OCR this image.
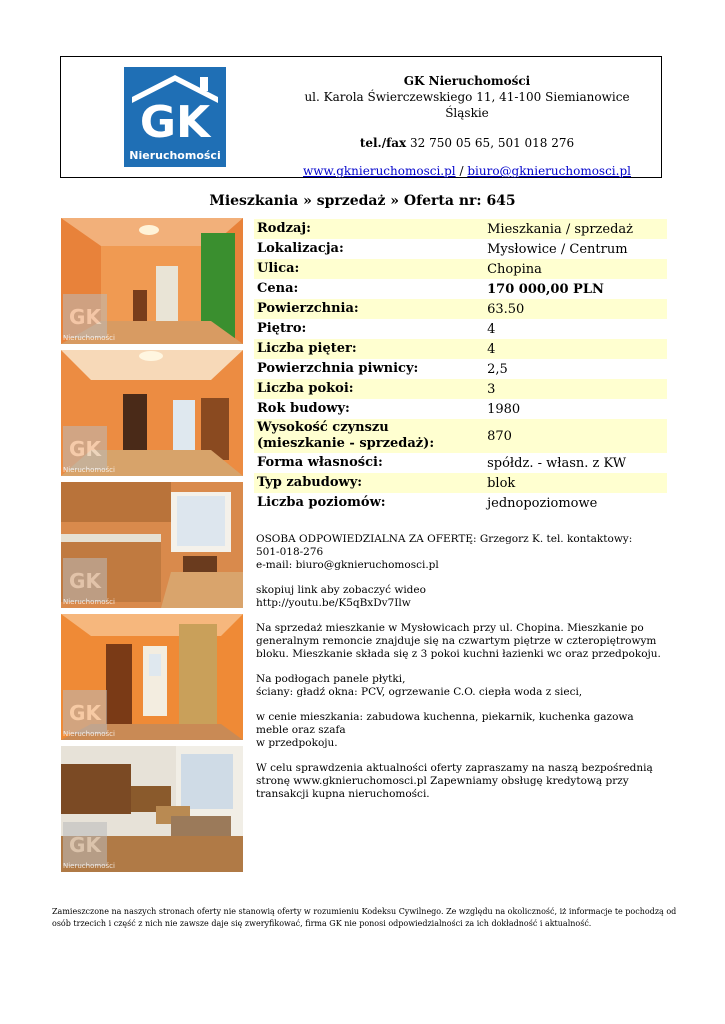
GK
Nieruchomości
GK Nieruchomości
ul. Karola Świerczewskiego 11, 41-100 Siemianowice Śląskie
tel./fax 32 750 05 65, 501 018 276
www.gknieruchomosci.pl / biuro@gknieruchomosci.pl
Mieszkania » sprzedaż » Oferta nr: 645
GK
Nieruchomości
GK
Nieruchomości
GK
Nieruchomości
GK
Nieruchomości
GK
Nieruchomości
Rodzaj:	Mieszkania / sprzedaż
Lokalizacja:	Mysłowice / Centrum
Ulica:	Chopina
Cena:	170 000,00 PLN
Powierzchnia:	63.50
Piętro:	4
Liczba pięter:	4
Powierzchnia piwnicy:	2,5
Liczba pokoi:	3
Rok budowy:	1980
Wysokość czynszu (mieszkanie - sprzedaż):	870
Forma własności:	spółdz. - własn. z KW
Typ zabudowy:	blok
Liczba poziomów:	jednopoziomowe

OSOBA ODPOWIEDZIALNA ZA OFERTĘ: Grzegorz K. tel. kontaktowy:
501-018-276
e-mail: biuro@gknieruchomosci.pl

skopiuj link aby zobaczyć wideo
http://youtu.be/K5qBxDv7Ilw

Na sprzedaż mieszkanie w Mysłowicach przy ul. Chopina. Mieszkanie po generalnym remoncie znajduje się na czwartym piętrze w czteropiętrowym bloku. Mieszkanie składa się z 3 pokoi kuchni łazienki wc oraz przedpokoju.

Na podłogach panele płytki,
ściany: gładź okna: PCV, ogrzewanie C.O. ciepła woda z sieci,

w cenie mieszkania: zabudowa kuchenna, piekarnik, kuchenka gazowa meble oraz szafa
w przedpokoju.

W celu sprawdzenia aktualności oferty zapraszamy na naszą bezpośrednią stronę www.gknieruchomosci.pl Zapewniamy obsługę kredytową przy transakcji kupna nieruchomości.

Zamieszczone na naszych stronach oferty nie stanowią oferty w rozumieniu Kodeksu Cywilnego. Ze względu na okoliczność, iż informacje te pochodzą od osób trzecich i część z nich nie zawsze daje się zweryfikować, firma GK nie ponosi odpowiedzialności za ich dokładność i aktualność.
